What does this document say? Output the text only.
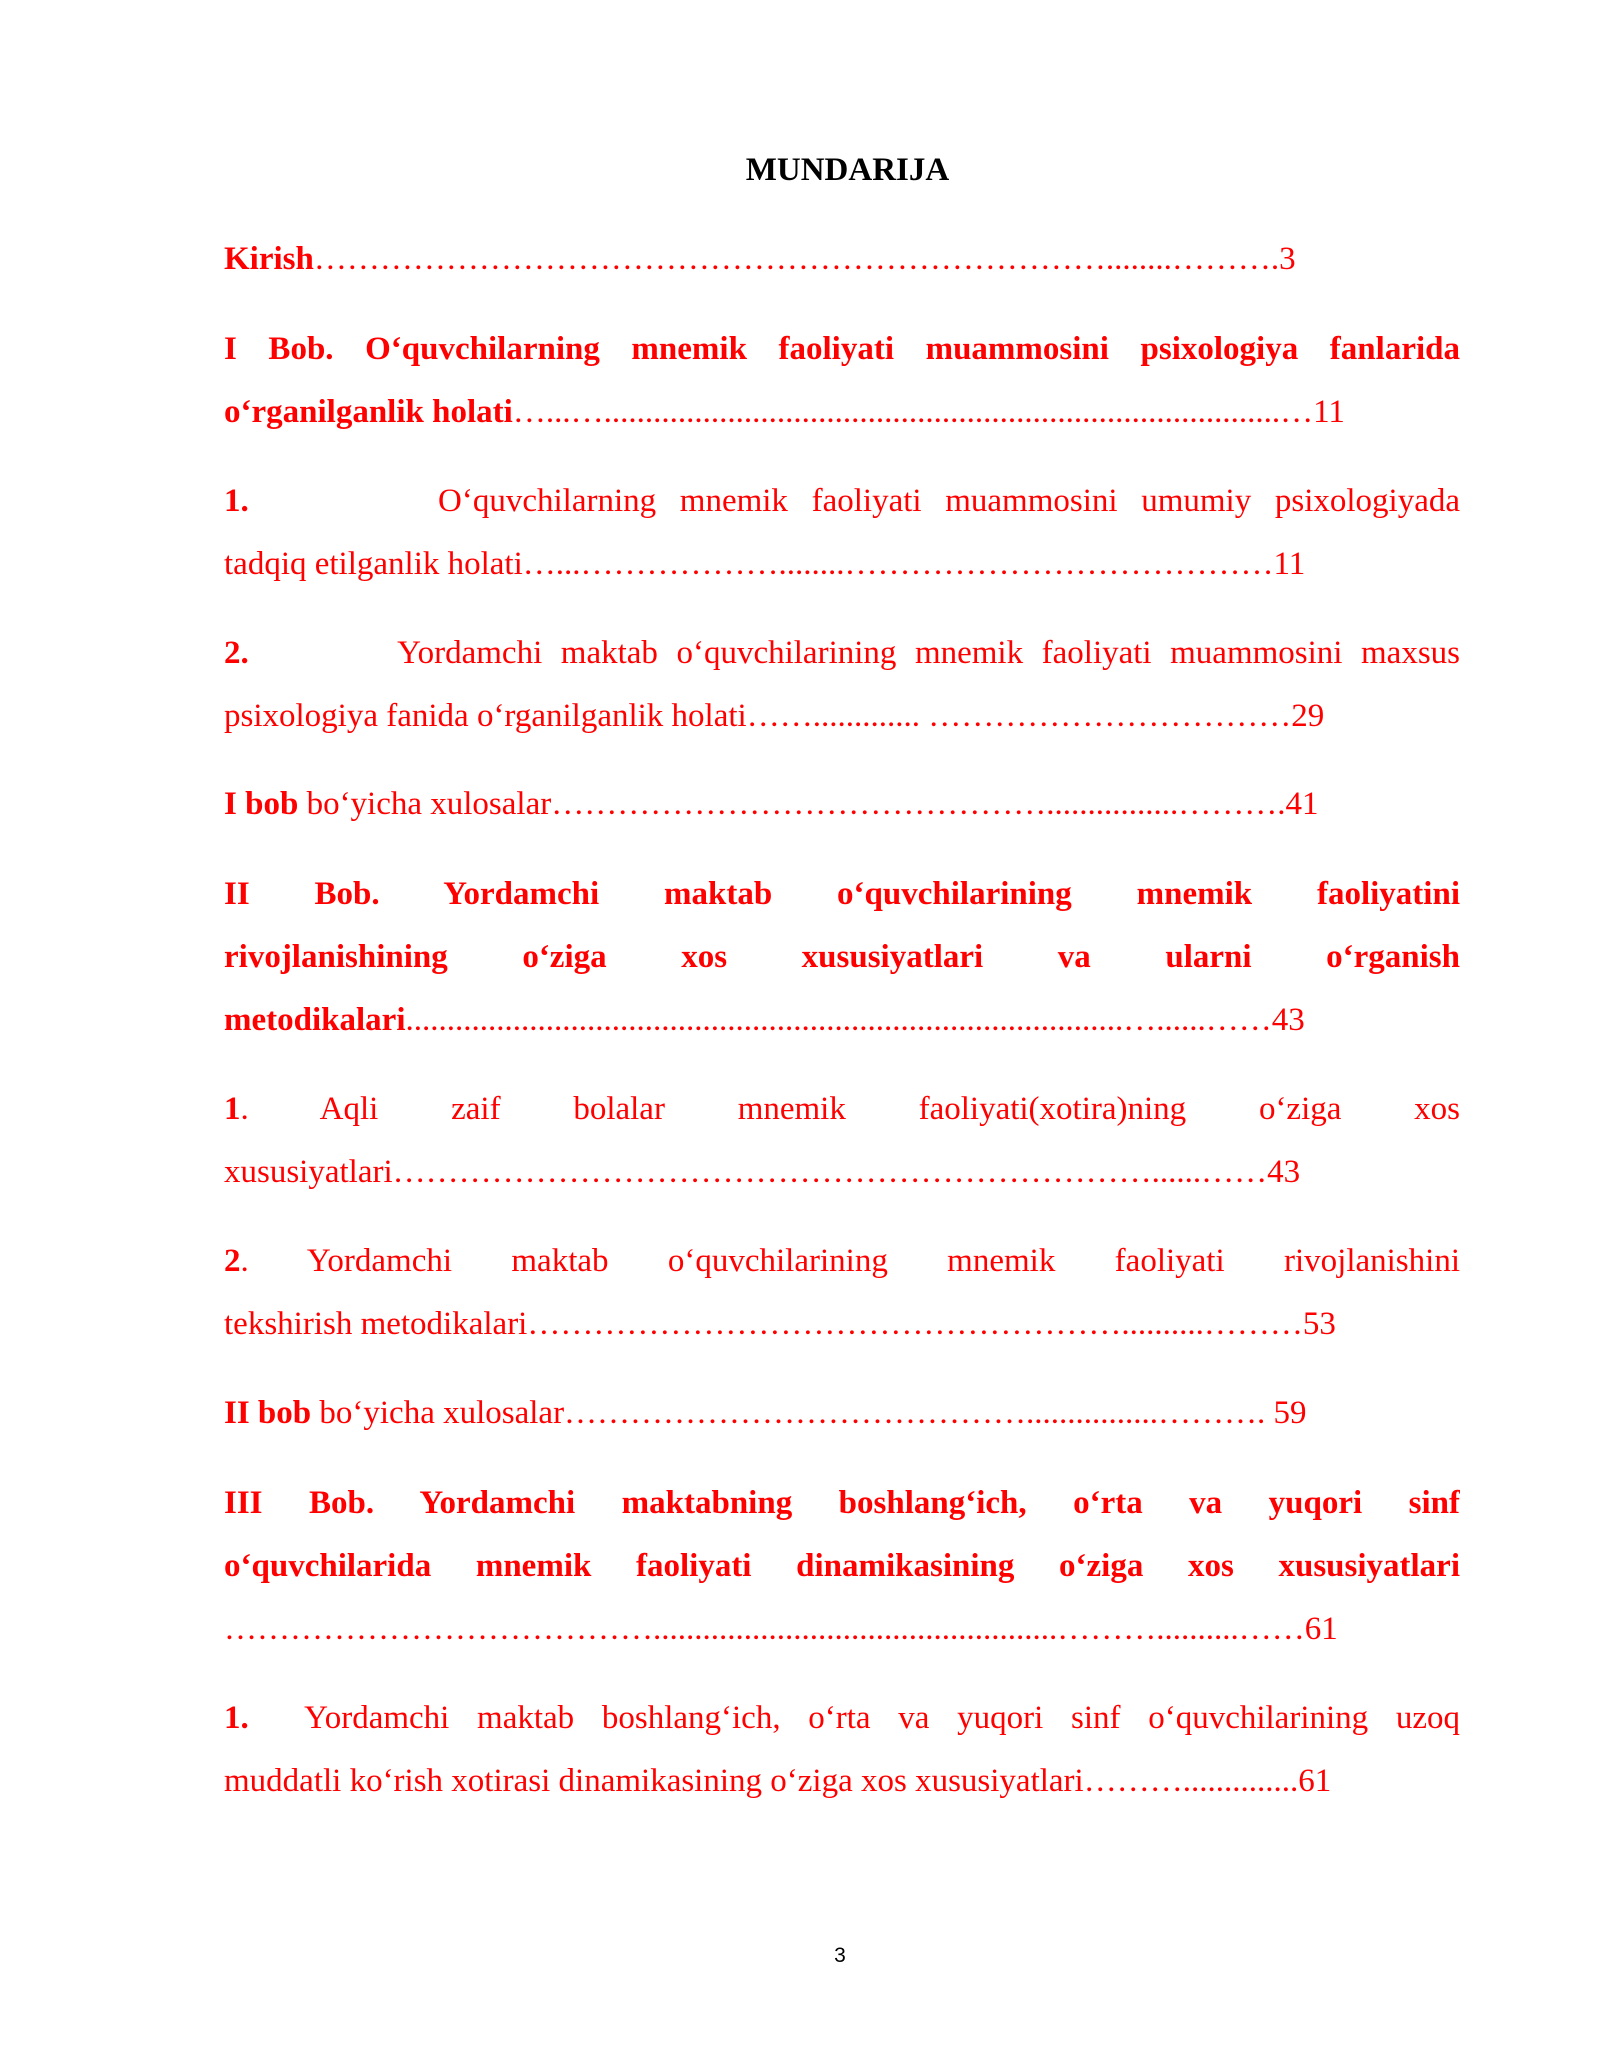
MUNDARIJA
Kirish………………………………………………………………........……….3
I Bob. O‘quvchilarning mnemik faoliyati muammosini psixologiya fanlarida
o‘rganilganlik holati…...…..................................................................................…11
1.	O‘quvchilarning mnemik faoliyati muammosini umumiy psixologiyada
tadqiq etilganlik holati…...………………........…………………………………11
2.	Yordamchi maktab o‘quvchilarining mnemik faoliyati muammosini maxsus
psixologiya fanida o‘rganilganlik holati……............. ……………………………29
I bob bo‘yicha xulosalar………………………………………................……….41
II Bob. Yordamchi maktab o‘quvchilarining mnemik faoliyatini
rivojlanishining o‘ziga xos xususiyatlari va ularni o‘rganish
metodikalari.......................................................................................…......……43
1. Aqli zaif bolalar mnemik faoliyati(xotira)ning o‘ziga xos
xususiyatlari……………………………………………………………......……43
2. Yordamchi maktab o‘quvchilarining mnemik faoliyati rivojlanishini
tekshirish metodikalari………………………………………………..........………53
II bob bo‘yicha xulosalar……………………………………................………. 59
III Bob. Yordamchi maktabning boshlang‘ich, o‘rta va yuqori sinf
o‘quvchilarida mnemik faoliyati dinamikasining o‘ziga xos xususiyatlari
………………………………….................................................………..........……61
1. Yordamchi maktab boshlang‘ich, o‘rta va yuqori sinf o‘quvchilarining uzoq
muddatli ko‘rish xotirasi dinamikasining o‘ziga xos xususiyatlari………..............61
3
